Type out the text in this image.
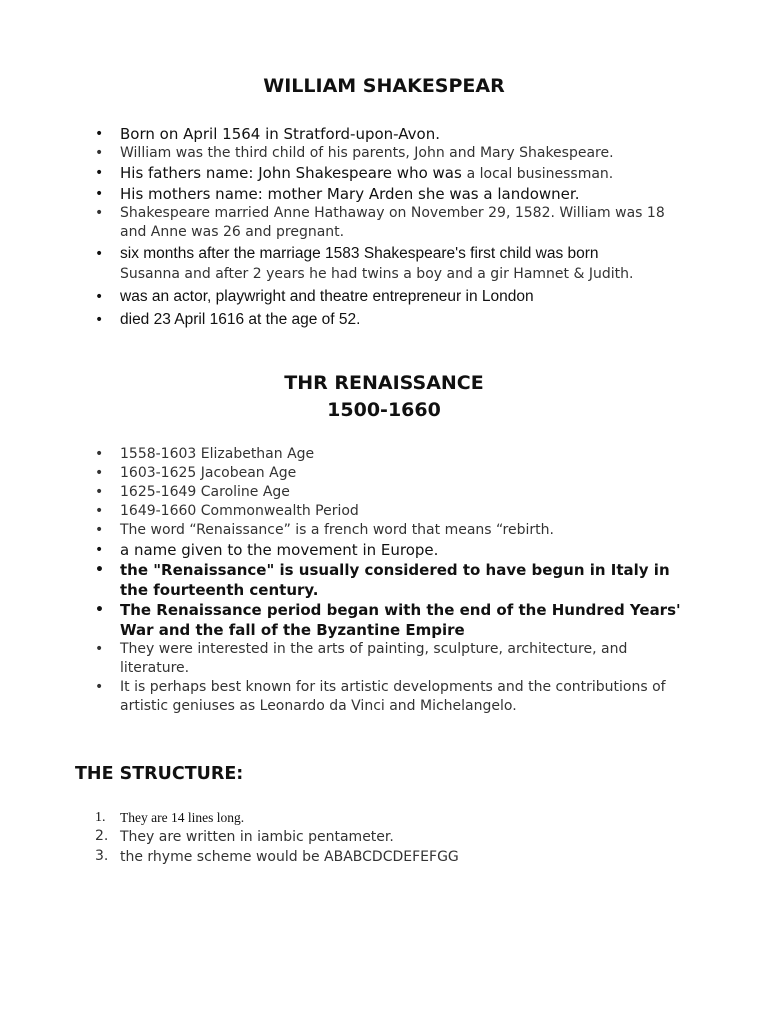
WILLIAM SHAKESPEAR
• Born on April 1564 in Stratford-upon-Avon.
• William was the third child of his parents, John and Mary Shakespeare.
• His fathers name: John Shakespeare who was a local businessman.
• His mothers name: mother Mary Arden she was a landowner.
• Shakespeare married Anne Hathaway on November 29, 1582. William was 18 and Anne was 26 and pregnant.
• six months after the marriage 1583 Shakespeare's first child was born
Susanna and after 2 years he had twins a boy and a gir Hamnet & Judith.
• was an actor, playwright and theatre entrepreneur in London
• died 23 April 1616 at the age of 52.
THR RENAISSANCE
1500-1660
• 1558-1603 Elizabethan Age
• 1603-1625 Jacobean Age
• 1625-1649 Caroline Age
• 1649-1660 Commonwealth Period
• The word “Renaissance” is a french word that means “rebirth.
• a name given to the movement in Europe.
• the "Renaissance" is usually considered to have begun in Italy in the fourteenth century.
• The Renaissance period began with the end of the Hundred Years' War and the fall of the Byzantine Empire
• They were interested in the arts of painting, sculpture, architecture, and literature.
• It is perhaps best known for its artistic developments and the contributions of artistic geniuses as Leonardo da Vinci and Michelangelo.
THE STRUCTURE:
1. They are 14 lines long.
2. They are written in iambic pentameter.
3. the rhyme scheme would be ABABCDCDEFEFGG
